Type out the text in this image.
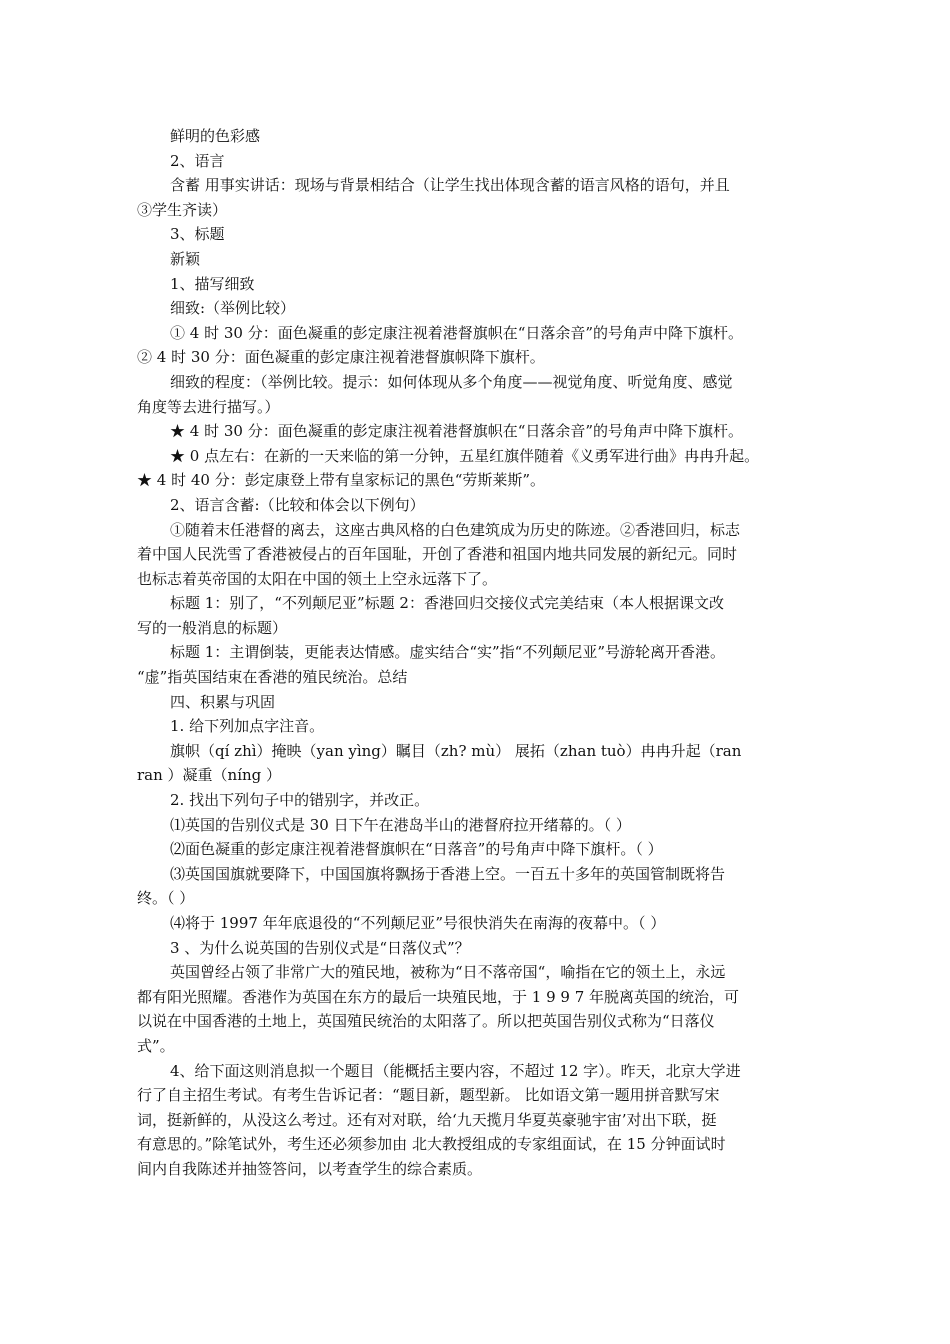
鲜明的色彩感
2、语言
含蓄 用事实讲话：现场与背景相结合（让学生找出体现含蓄的语言风格的语句，并且
③学生齐读）
3、标题
新颖
1、描写细致
细致:（举例比较）
① 4 时 30 分：面色凝重的彭定康注视着港督旗帜在“日落余音”的号角声中降下旗杆。
② 4 时 30 分：面色凝重的彭定康注视着港督旗帜降下旗杆。
细致的程度：（举例比较。提示：如何体现从多个角度——视觉角度、听觉角度、感觉
角度等去进行描写。）
★ 4 时 30 分：面色凝重的彭定康注视着港督旗帜在“日落余音”的号角声中降下旗杆。
★ 0 点左右：在新的一天来临的第一分钟，五星红旗伴随着《义勇军进行曲》冉冉升起。
★ 4 时 40 分：彭定康登上带有皇家标记的黑色“劳斯莱斯”。
2、语言含蓄:（比较和体会以下例句）
①随着末任港督的离去，这座古典风格的白色建筑成为历史的陈迹。②香港回归，标志
着中国人民洗雪了香港被侵占的百年国耻，开创了香港和祖国内地共同发展的新纪元。同时
也标志着英帝国的太阳在中国的领土上空永远落下了。
标题 1：别了，“不列颠尼亚”标题 2：香港回归交接仪式完美结束（本人根据课文改
写的一般消息的标题）
标题 1：主谓倒装，更能表达情感。虚实结合“实”指“不列颠尼亚”号游轮离开香港。
“虚”指英国结束在香港的殖民统治。总结
四、积累与巩固
1. 给下列加点字注音。
旗帜（qí zhì）掩映（yan yìng）瞩目（zh? mù） 展拓（zhan tuò）冉冉升起（ran
ran ）凝重（níng ）
2. 找出下列句子中的错别字，并改正。
⑴英国的告别仪式是 30 日下午在港岛半山的港督府拉开绪幕的。（ ）
⑵面色凝重的彭定康注视着港督旗帜在“日落音”的号角声中降下旗杆。（ ）
⑶英国国旗就要降下，中国国旗将飘扬于香港上空。一百五十多年的英国管制既将告
终。（ ）
⑷将于 1997 年年底退役的“不列颠尼亚”号很快消失在南海的夜幕中。（ ）
3 、为什么说英国的告别仪式是“日落仪式”？
英国曾经占领了非常广大的殖民地，被称为“日不落帝国“，喻指在它的领土上，永远
都有阳光照耀。香港作为英国在东方的最后一块殖民地，于 1 9 9 7 年脱离英国的统治，可
以说在中国香港的土地上，英国殖民统治的太阳落了。所以把英国告别仪式称为“日落仪
式”。
4、给下面这则消息拟一个题目（能概括主要内容，不超过 12 字）。昨天，北京大学进
行了自主招生考试。有考生告诉记者：“题目新，题型新。 比如语文第一题用拼音默写宋
词，挺新鲜的，从没这么考过。还有对对联，给‘九天揽月华夏英豪驰宇宙’对出下联，挺
有意思的。”除笔试外，考生还必须参加由 北大教授组成的专家组面试，在 15 分钟面试时
间内自我陈述并抽签答问，以考查学生的综合素质。
